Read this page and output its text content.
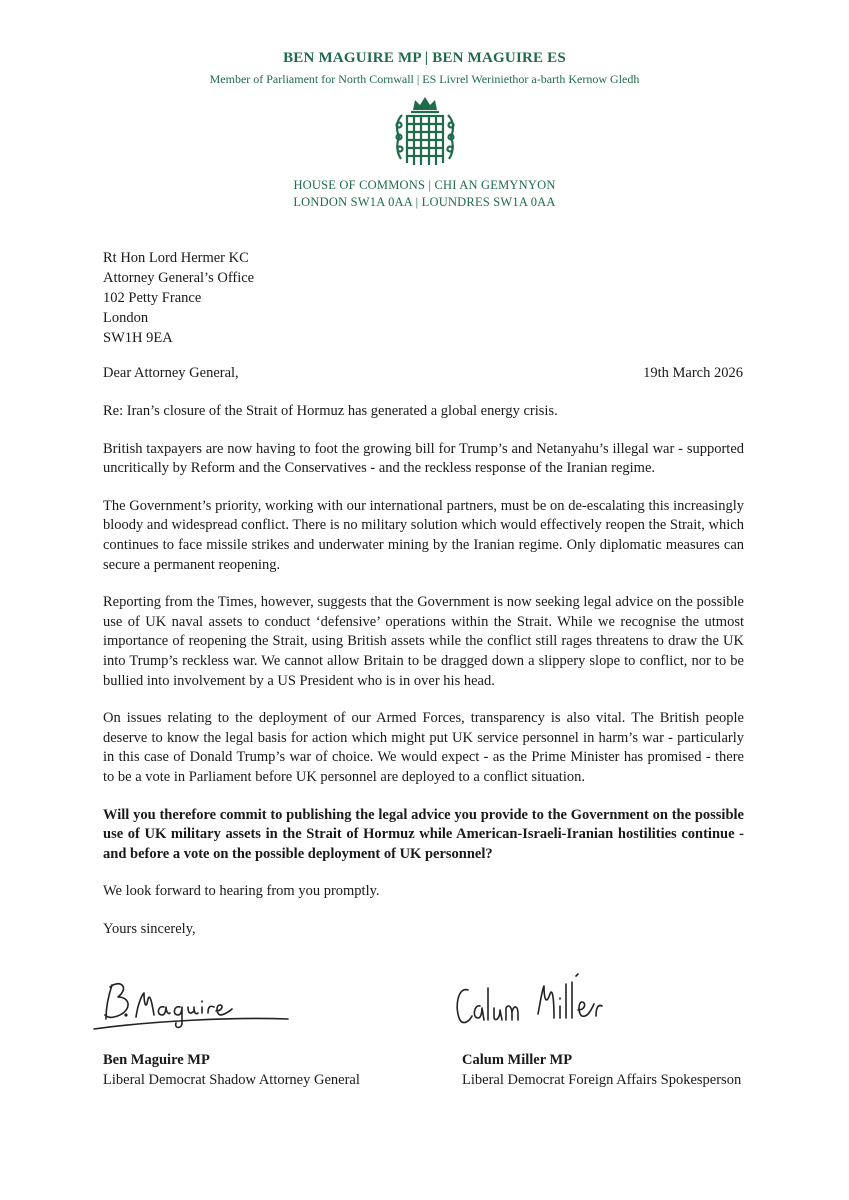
BEN MAGUIRE MP | BEN MAGUIRE ES
Member of Parliament for North Cornwall | ES Livrel Weriniethor a-barth Kernow Gledh
HOUSE OF COMMONS | CHI AN GEMYNYON
LONDON SW1A 0AA | LOUNDRES SW1A 0AA
Rt Hon Lord Hermer KC
Attorney General’s Office
102 Petty France
London
SW1H 9EA
Dear Attorney General,	19th March 2026

Re: Iran’s closure of the Strait of Hormuz has generated a global energy crisis.

British taxpayers are now having to foot the growing bill for Trump’s and Netanyahu’s illegal war - supported uncritically by Reform and the Conservatives - and the reckless response of the Iranian regime.

The Government’s priority, working with our international partners, must be on de-escalating this increasingly bloody and widespread conflict. There is no military solution which would effectively reopen the Strait, which continues to face missile strikes and underwater mining by the Iranian regime. Only diplomatic measures can secure a permanent reopening.

Reporting from the Times, however, suggests that the Government is now seeking legal advice on the possible use of UK naval assets to conduct ‘defensive’ operations within the Strait. While we recognise the utmost importance of reopening the Strait, using British assets while the conflict still rages threatens to draw the UK into Trump’s reckless war. We cannot allow Britain to be dragged down a slippery slope to conflict, nor to be bullied into involvement by a US President who is in over his head.

On issues relating to the deployment of our Armed Forces, transparency is also vital. The British people deserve to know the legal basis for action which might put UK service personnel in harm’s war - particularly in this case of Donald Trump’s war of choice. We would expect - as the Prime Minister has promised - there to be a vote in Parliament before UK personnel are deployed to a conflict situation.

Will you therefore commit to publishing the legal advice you provide to the Government on the possible use of UK military assets in the Strait of Hormuz while American-Israeli-Iranian hostilities continue - and before a vote on the possible deployment of UK personnel?

We look forward to hearing from you promptly.

Yours sincerely,

Ben Maguire MP
Liberal Democrat Shadow Attorney General
Calum Miller MP
Liberal Democrat Foreign Affairs Spokesperson
